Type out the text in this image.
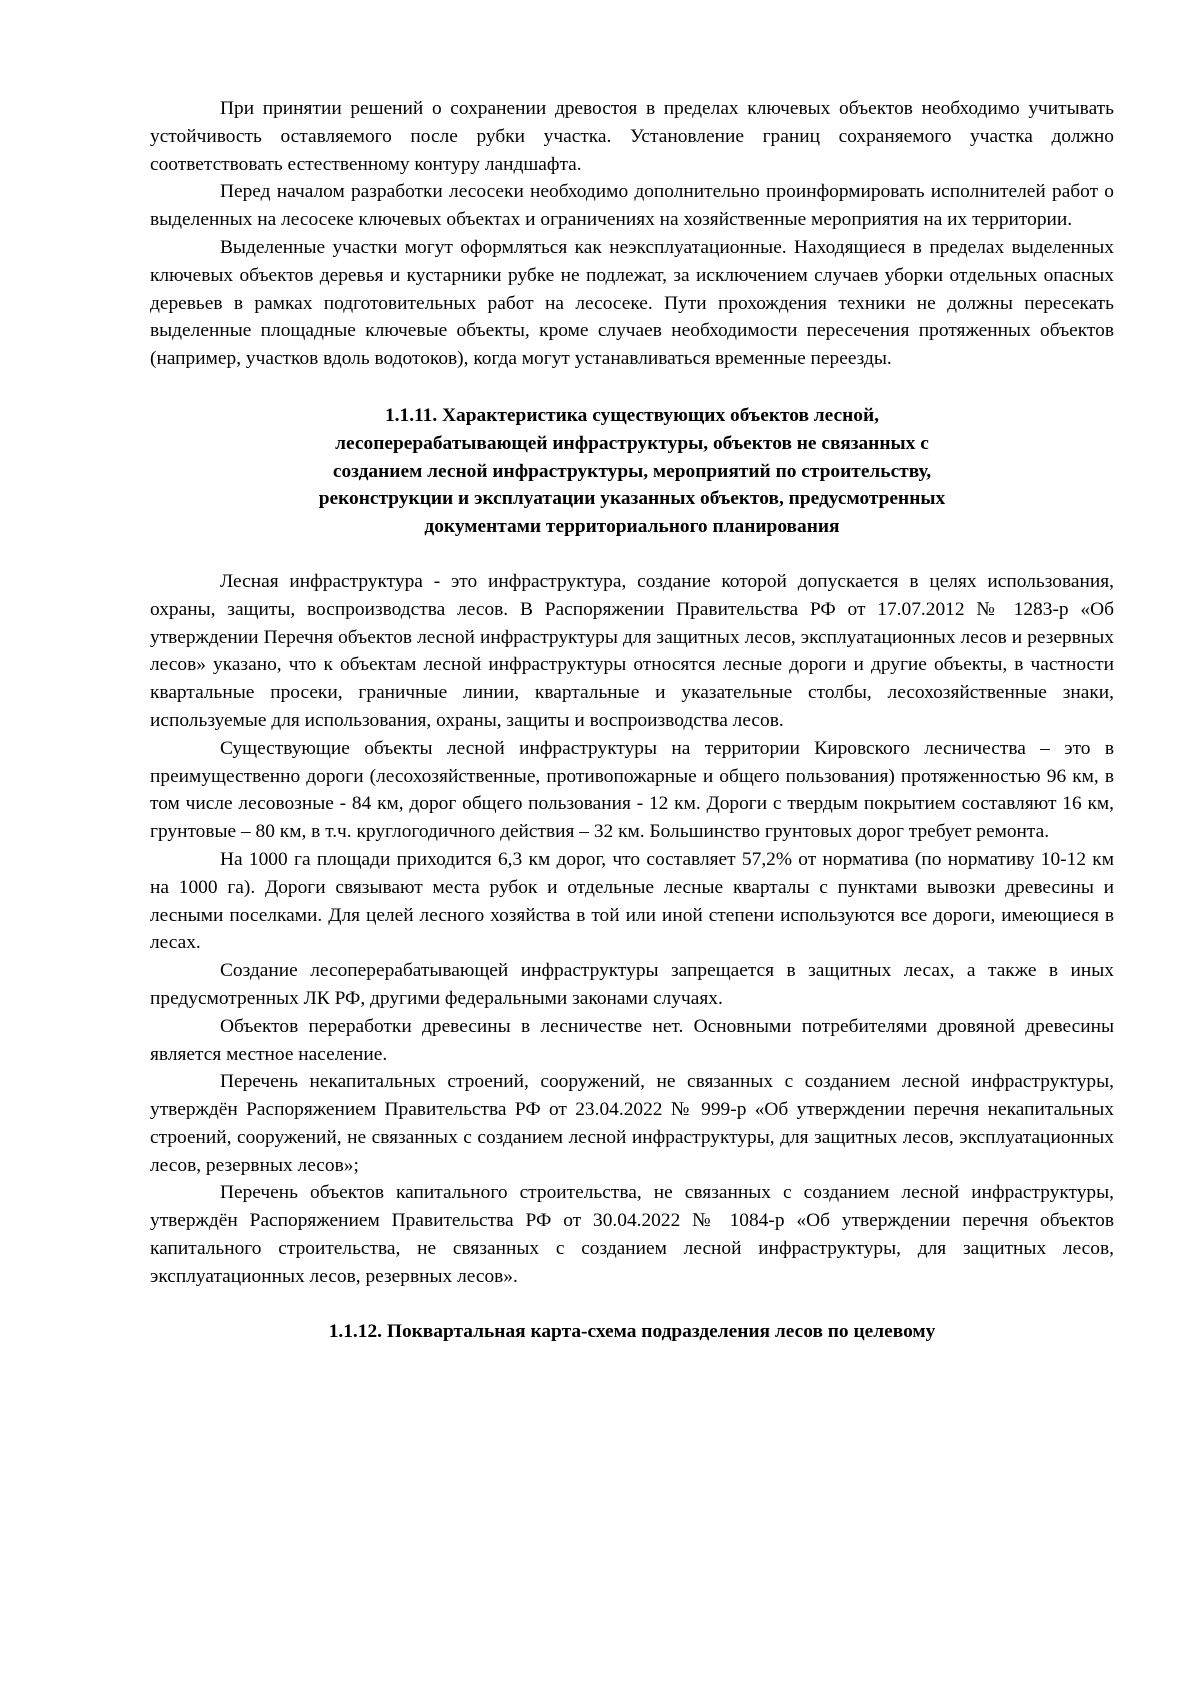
При принятии решений о сохранении древостоя в пределах ключевых объектов необходимо учитывать устойчивость оставляемого после рубки участка. Установление границ сохраняемого участка должно соответствовать естественному контуру ландшафта.

Перед началом разработки лесосеки необходимо дополнительно проинформировать исполнителей работ о выделенных на лесосеке ключевых объектах и ограничениях на хозяйственные мероприятия на их территории.

Выделенные участки могут оформляться как неэксплуатационные. Находящиеся в пределах выделенных ключевых объектов деревья и кустарники рубке не подлежат, за исключением случаев уборки отдельных опасных деревьев в рамках подготовительных работ на лесосеке. Пути прохождения техники не должны пересекать выделенные площадные ключевые объекты, кроме случаев необходимости пересечения протяженных объектов (например, участков вдоль водотоков), когда могут устанавливаться временные переезды.

1.1.11. Характеристика существующих объектов лесной,
лесоперерабатывающей инфраструктуры, объектов не связанных с
созданием лесной инфраструктуры, мероприятий по строительству,
реконструкции и эксплуатации указанных объектов, предусмотренных
документами территориального планирования

Лесная инфраструктура - это инфраструктура, создание которой допускается в целях использования, охраны, защиты, воспроизводства лесов. В Распоряжении Правительства РФ от 17.07.2012 № 1283-р «Об утверждении Перечня объектов лесной инфраструктуры для защитных лесов, эксплуатационных лесов и резервных лесов» указано, что к объектам лесной инфраструктуры относятся лесные дороги и другие объекты, в частности квартальные просеки, граничные линии, квартальные и указательные столбы, лесохозяйственные знаки, используемые для использования, охраны, защиты и воспроизводства лесов.

Существующие объекты лесной инфраструктуры на территории Кировского лесничества – это в преимущественно дороги (лесохозяйственные, противопожарные и общего пользования) протяженностью 96 км, в том числе лесовозные - 84 км, дорог общего пользования - 12 км. Дороги с твердым покрытием составляют 16 км, грунтовые – 80 км, в т.ч. круглогодичного действия – 32 км. Большинство грунтовых дорог требует ремонта.

На 1000 га площади приходится 6,3 км дорог, что составляет 57,2% от норматива (по нормативу 10-12 км на 1000 га). Дороги связывают места рубок и отдельные лесные кварталы с пунктами вывозки древесины и лесными поселками. Для целей лесного хозяйства в той или иной степени используются все дороги, имеющиеся в лесах.

Создание лесоперерабатывающей инфраструктуры запрещается в защитных лесах, а также в иных предусмотренных ЛК РФ, другими федеральными законами случаях.

Объектов переработки древесины в лесничестве нет. Основными потребителями дровяной древесины является местное население.

Перечень некапитальных строений, сооружений, не связанных с созданием лесной инфраструктуры, утверждён Распоряжением Правительства РФ от 23.04.2022 № 999-р «Об утверждении перечня некапитальных строений, сооружений, не связанных с созданием лесной инфраструктуры, для защитных лесов, эксплуатационных лесов, резервных лесов»;

Перечень объектов капитального строительства, не связанных с созданием лесной инфраструктуры, утверждён Распоряжением Правительства РФ от 30.04.2022 № 1084-р «Об утверждении перечня объектов капитального строительства, не связанных с созданием лесной инфраструктуры, для защитных лесов, эксплуатационных лесов, резервных лесов».

1.1.12. Поквартальная карта-схема подразделения лесов по целевому
